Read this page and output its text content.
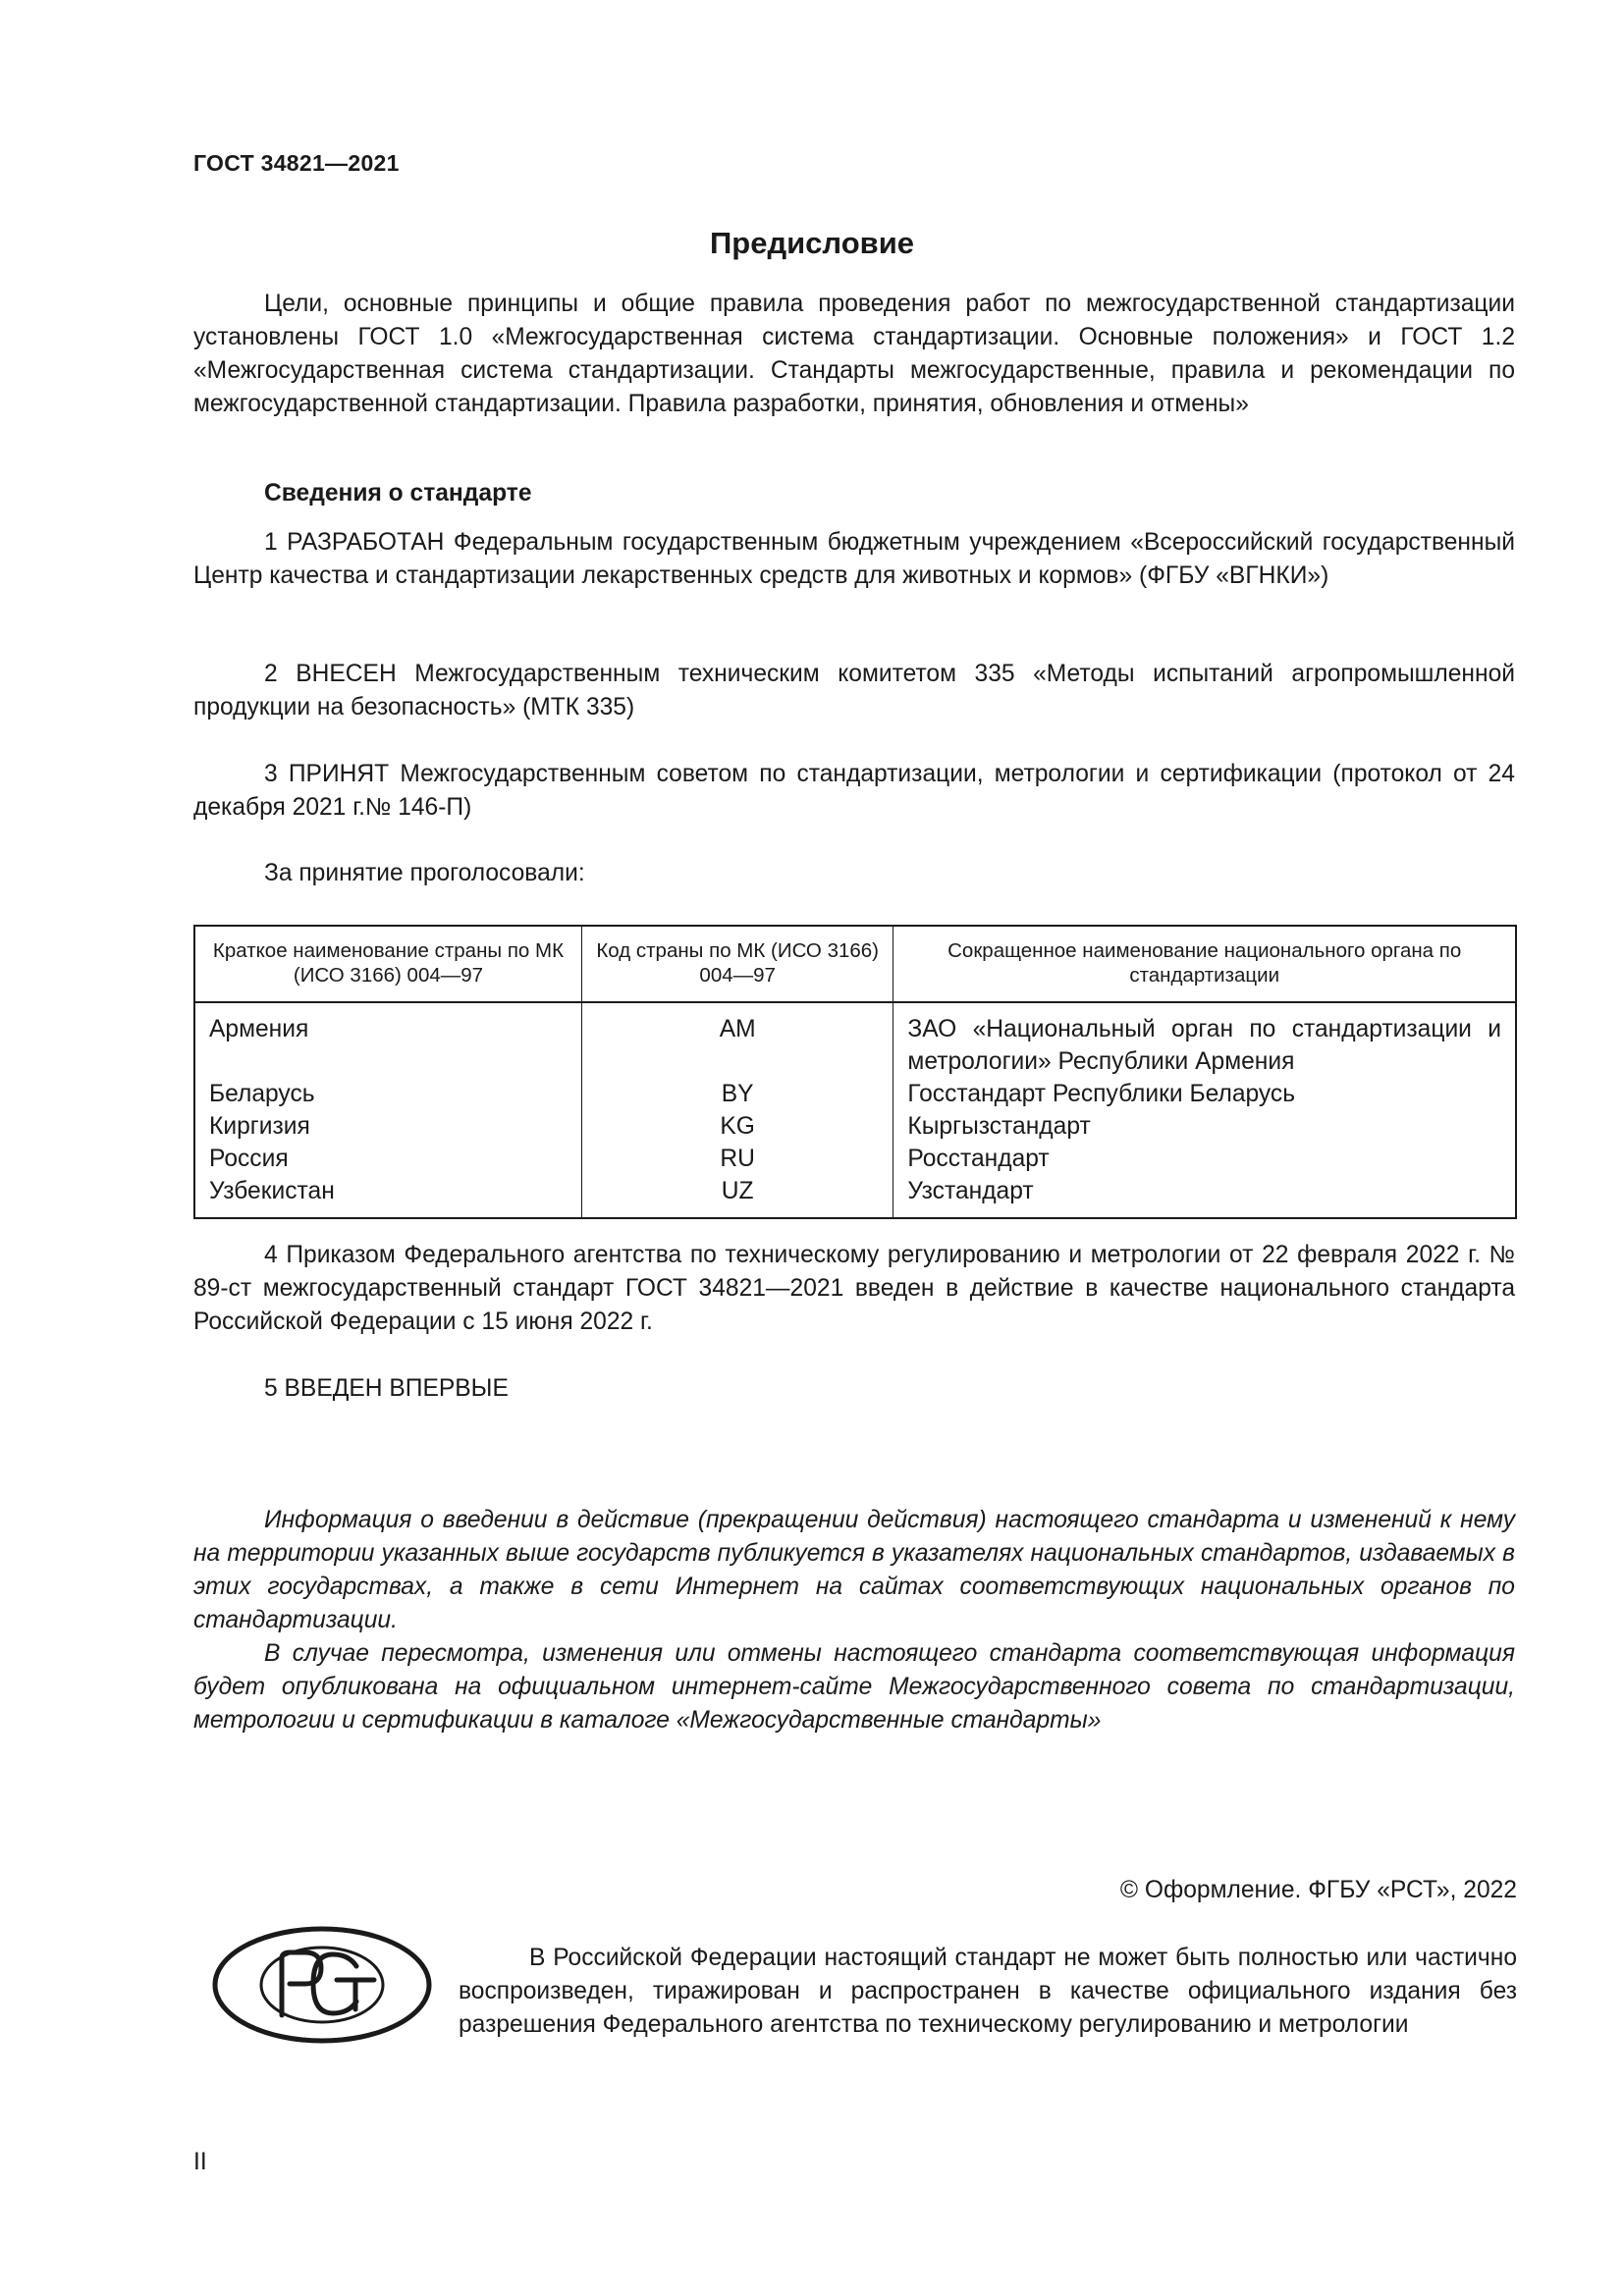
ГОСТ 34821—2021
Предисловие
Цели, основные принципы и общие правила проведения работ по межгосударственной стандартизации установлены ГОСТ 1.0 «Межгосударственная система стандартизации. Основные положения» и ГОСТ 1.2 «Межгосударственная система стандартизации. Стандарты межгосударственные, правила и рекомендации по межгосударственной стандартизации. Правила разработки, принятия, обновления и отмены»
Сведения о стандарте
1 РАЗРАБОТАН Федеральным государственным бюджетным учреждением «Всероссийский государственный Центр качества и стандартизации лекарственных средств для животных и кормов» (ФГБУ «ВГНКИ»)
2 ВНЕСЕН Межгосударственным техническим комитетом 335 «Методы испытаний агропромышленной продукции на безопасность» (МТК 335)
3 ПРИНЯТ Межгосударственным советом по стандартизации, метрологии и сертификации (протокол от 24 декабря 2021 г.№ 146-П)
За принятие проголосовали:
Краткое наименование страны по МК (ИСО 3166) 004—97	Код страны по МК (ИСО 3166) 004—97	Сокращенное наименование национального органа по стандартизации
Армения	AM	ЗАО «Национальный орган по стандартизации и метрологии» Республики Армения
Беларусь	BY	Госстандарт Республики Беларусь
Киргизия	KG	Кыргызстандарт
Россия	RU	Росстандарт
Узбекистан	UZ	Узстандарт
4 Приказом Федерального агентства по техническому регулированию и метрологии от 22 февраля 2022 г. № 89-ст межгосударственный стандарт ГОСТ 34821—2021 введен в действие в качестве национального стандарта Российской Федерации с 15 июня 2022 г.
5 ВВЕДЕН ВПЕРВЫЕ
Информация о введении в действие (прекращении действия) настоящего стандарта и изменений к нему на территории указанных выше государств публикуется в указателях национальных стандартов, издаваемых в этих государствах, а также в сети Интернет на сайтах соответствующих национальных органов по стандартизации.
В случае пересмотра, изменения или отмены настоящего стандарта соответствующая информация будет опубликована на официальном интернет-сайте Межгосударственного совета по стандартизации, метрологии и сертификации в каталоге «Межгосударственные стандарты»
© Оформление. ФГБУ «РСТ», 2022
В Российской Федерации настоящий стандарт не может быть полностью или частично воспроизведен, тиражирован и распространен в качестве официального издания без разрешения Федерального агентства по техническому регулированию и метрологии
II
